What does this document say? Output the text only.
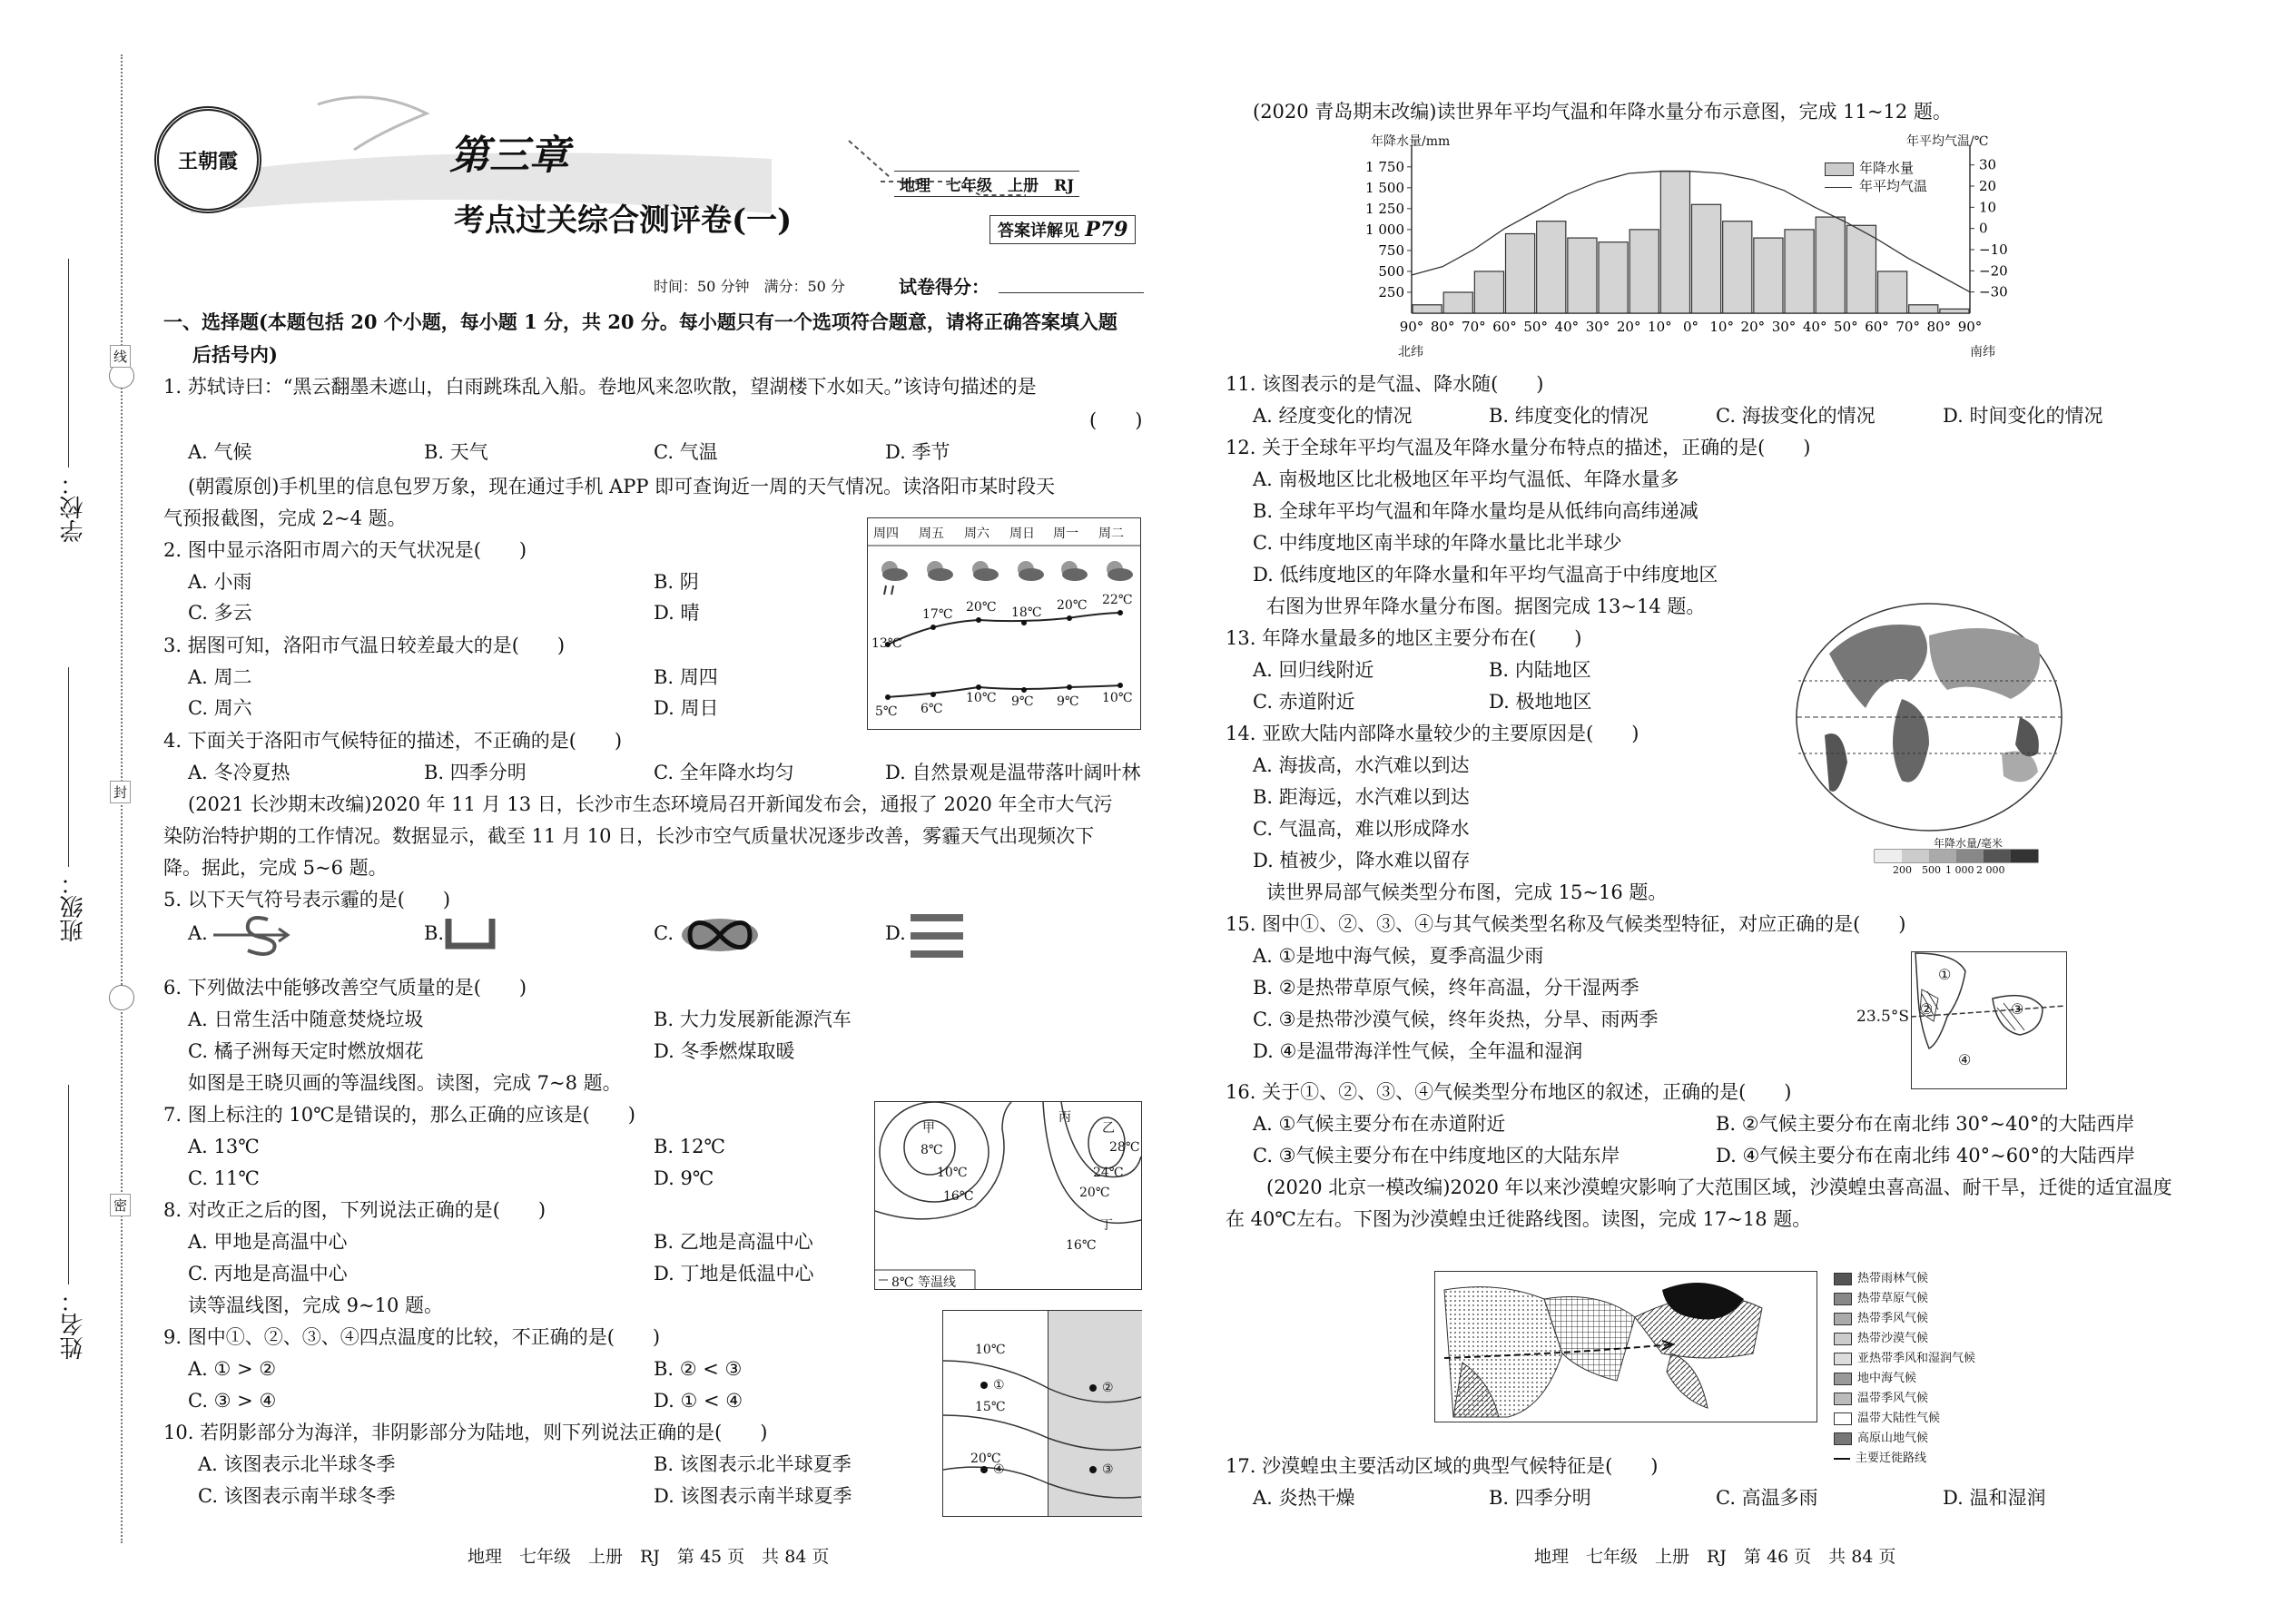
学校：
班级：
姓名：
线
封
密
王朝霞	第三章
考点过关综合测评卷(一)
地理　七年级　上册　RJ
答案详解见 P79
时间：50 分钟　满分：50 分	试卷得分：
一、选择题(本题包括 20 个小题，每小题 1 分，共 20 分。每小题只有一个选项符合题意，请将正确答案填入题
后括号内)
1. 苏轼诗曰：“黑云翻墨未遮山，白雨跳珠乱入船。卷地风来忽吹散，望湖楼下水如天。”该诗句描述的是
(　　)
A. 气候	B. 天气	C. 气温	D. 季节
(朝霞原创)手机里的信息包罗万象，现在通过手机 APP 即可查询近一周的天气情况。读洛阳市某时段天
气预报截图，完成 2~4 题。
2. 图中显示洛阳市周六的天气状况是(　　)
A. 小雨	B. 阴
C. 多云	D. 晴
3. 据图可知，洛阳市气温日较差最大的是(　　)
A. 周二	B. 周四
C. 周六	D. 周日
4. 下面关于洛阳市气候特征的描述，不正确的是(　　)
A. 冬冷夏热	B. 四季分明	C. 全年降水均匀	D. 自然景观是温带落叶阔叶林
(2021 长沙期末改编)2020 年 11 月 13 日，长沙市生态环境局召开新闻发布会，通报了 2020 年全市大气污
染防治特护期的工作情况。数据显示，截至 11 月 10 日，长沙市空气质量状况逐步改善，雾霾天气出现频次下
降。据此，完成 5~6 题。
5. 以下天气符号表示霾的是(　　)
A.	B.	C.	D.
6. 下列做法中能够改善空气质量的是(　　)
A. 日常生活中随意焚烧垃圾	B. 大力发展新能源汽车
C. 橘子洲每天定时燃放烟花	D. 冬季燃煤取暖
如图是王晓贝画的等温线图。读图，完成 7~8 题。
7. 图上标注的 10℃是错误的，那么正确的应该是(　　)
A. 13℃	B. 12℃
C. 11℃	D. 9℃
8. 对改正之后的图，下列说法正确的是(　　)
A. 甲地是高温中心	B. 乙地是高温中心
C. 丙地是高温中心	D. 丁地是低温中心
读等温线图，完成 9~10 题。
9. 图中①、②、③、④四点温度的比较，不正确的是(　　)
A. ① > ②	B. ② < ③
C. ③ > ④	D. ① < ④
10. 若阴影部分为海洋，非阴影部分为陆地，则下列说法正确的是(　　)
A. 该图表示北半球冬季	B. 该图表示北半球夏季
C. 该图表示南半球冬季	D. 该图表示南半球夏季
地理　七年级　上册　RJ　第 45 页　共 84 页
周四 周五 周六 周日 周一 周二
13℃
17℃ 20℃ 18℃ 20℃ 22℃
5℃ 6℃
10℃ 9℃ 9℃ 10℃
甲	乙
丙
丁
8℃
10℃
16℃
28℃
24℃
20℃
16℃
8℃ 等温线
10℃
15℃
20℃
①	②
③
④
(2020 青岛期末改编)读世界年平均气温和年降水量分布示意图，完成 11~12 题。
1 750
1 500
1 250
1 000
750
500
250
30
20
10
0
−10
−20
−30
90° 80° 70° 60° 50° 40° 30° 20° 10° 0° 10° 20° 30° 40° 50° 60° 70° 80° 90°
年降水量/mm	年平均气温/℃
北纬	南纬
年降水量
年平均气温
11. 该图表示的是气温、降水随(　　)
A. 经度变化的情况	B. 纬度变化的情况	C. 海拔变化的情况	D. 时间变化的情况
12. 关于全球年平均气温及年降水量分布特点的描述，正确的是(　　)
A. 南极地区比北极地区年平均气温低、年降水量多
B. 全球年平均气温和年降水量均是从低纬向高纬递减
C. 中纬度地区南半球的年降水量比北半球少
D. 低纬度地区的年降水量和年平均气温高于中纬度地区
右图为世界年降水量分布图。据图完成 13~14 题。
13. 年降水量最多的地区主要分布在(　　)
A. 回归线附近	B. 内陆地区
C. 赤道附近	D. 极地地区
14. 亚欧大陆内部降水量较少的主要原因是(　　)
A. 海拔高，水汽难以到达
B. 距海远，水汽难以到达
C. 气温高，难以形成降水
D. 植被少，降水难以留存
年降水量/毫米
200 500 1 000 2 000
读世界局部气候类型分布图，完成 15~16 题。
15. 图中①、②、③、④与其气候类型名称及气候类型特征，对应正确的是(　　)
A. ①是地中海气候，夏季高温少雨
B. ②是热带草原气候，终年高温，分干湿两季
C. ③是热带沙漠气候，终年炎热，分旱、雨两季
D. ④是温带海洋性气候，全年温和湿润
23.5°S
①
②	③
④
16. 关于①、②、③、④气候类型分布地区的叙述，正确的是(　　)
A. ①气候主要分布在赤道附近	B. ②气候主要分布在南北纬 30°~40°的大陆西岸
C. ③气候主要分布在中纬度地区的大陆东岸	D. ④气候主要分布在南北纬 40°~60°的大陆西岸
(2020 北京一模改编)2020 年以来沙漠蝗灾影响了大范围区域，沙漠蝗虫喜高温、耐干旱，迁徙的适宜温度
在 40℃左右。下图为沙漠蝗虫迁徙路线图。读图，完成 17~18 题。
热带雨林气候
热带草原气候
热带季风气候
热带沙漠气候
亚热带季风和湿润气候
地中海气候
温带季风气候
温带大陆性气候
高原山地气候
主要迁徙路线
17. 沙漠蝗虫主要活动区域的典型气候特征是(　　)
A. 炎热干燥	B. 四季分明	C. 高温多雨	D. 温和湿润
地理　七年级　上册　RJ　第 46 页　共 84 页
